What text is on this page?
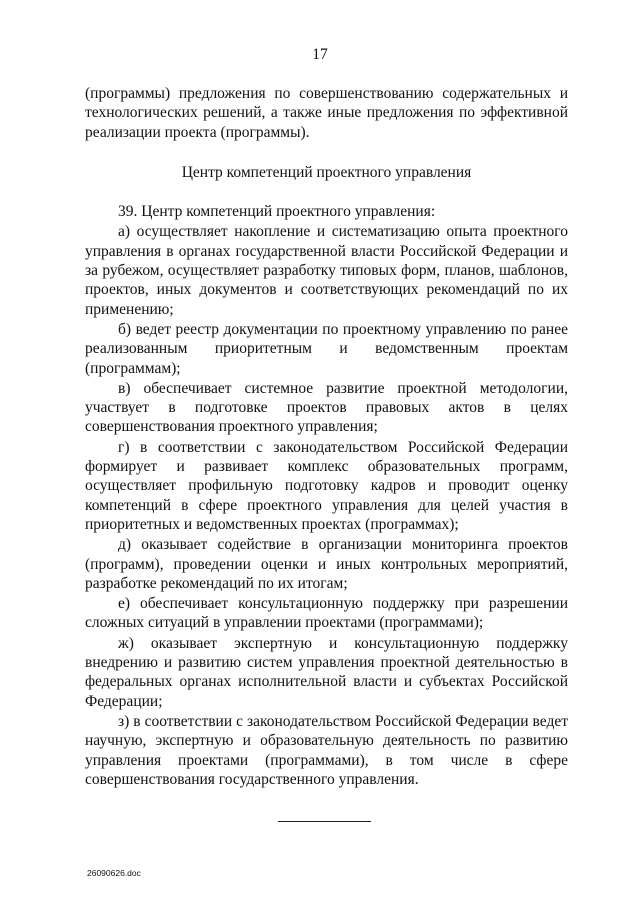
17

(программы) предложения по совершенствованию содержательных и технологических решений, а также иные предложения по эффективной реализации проекта (программы).

Центр компетенций проектного управления

39. Центр компетенций проектного управления:

а) осуществляет накопление и систематизацию опыта проектного управления в органах государственной власти Российской Федерации и за рубежом, осуществляет разработку типовых форм, планов, шаблонов, проектов, иных документов и соответствующих рекомендаций по их применению;

б) ведет реестр документации по проектному управлению по ранее реализованным приоритетным и ведомственным проектам (программам);

в) обеспечивает системное развитие проектной методологии, участвует в подготовке проектов правовых актов в целях совершенствования проектного управления;

г) в соответствии с законодательством Российской Федерации формирует и развивает комплекс образовательных программ, осуществляет профильную подготовку кадров и проводит оценку компетенций в сфере проектного управления для целей участия в приоритетных и ведомственных проектах (программах);

д) оказывает содействие в организации мониторинга проектов (программ), проведении оценки и иных контрольных мероприятий, разработке рекомендаций по их итогам;

е) обеспечивает консультационную поддержку при разрешении сложных ситуаций в управлении проектами (программами);

ж) оказывает экспертную и консультационную поддержку внедрению и развитию систем управления проектной деятельностью в федеральных органах исполнительной власти и субъектах Российской Федерации;

з) в соответствии с законодательством Российской Федерации ведет научную, экспертную и образовательную деятельность по развитию управления проектами (программами), в том числе в сфере совершенствования государственного управления.

26090626.doc
